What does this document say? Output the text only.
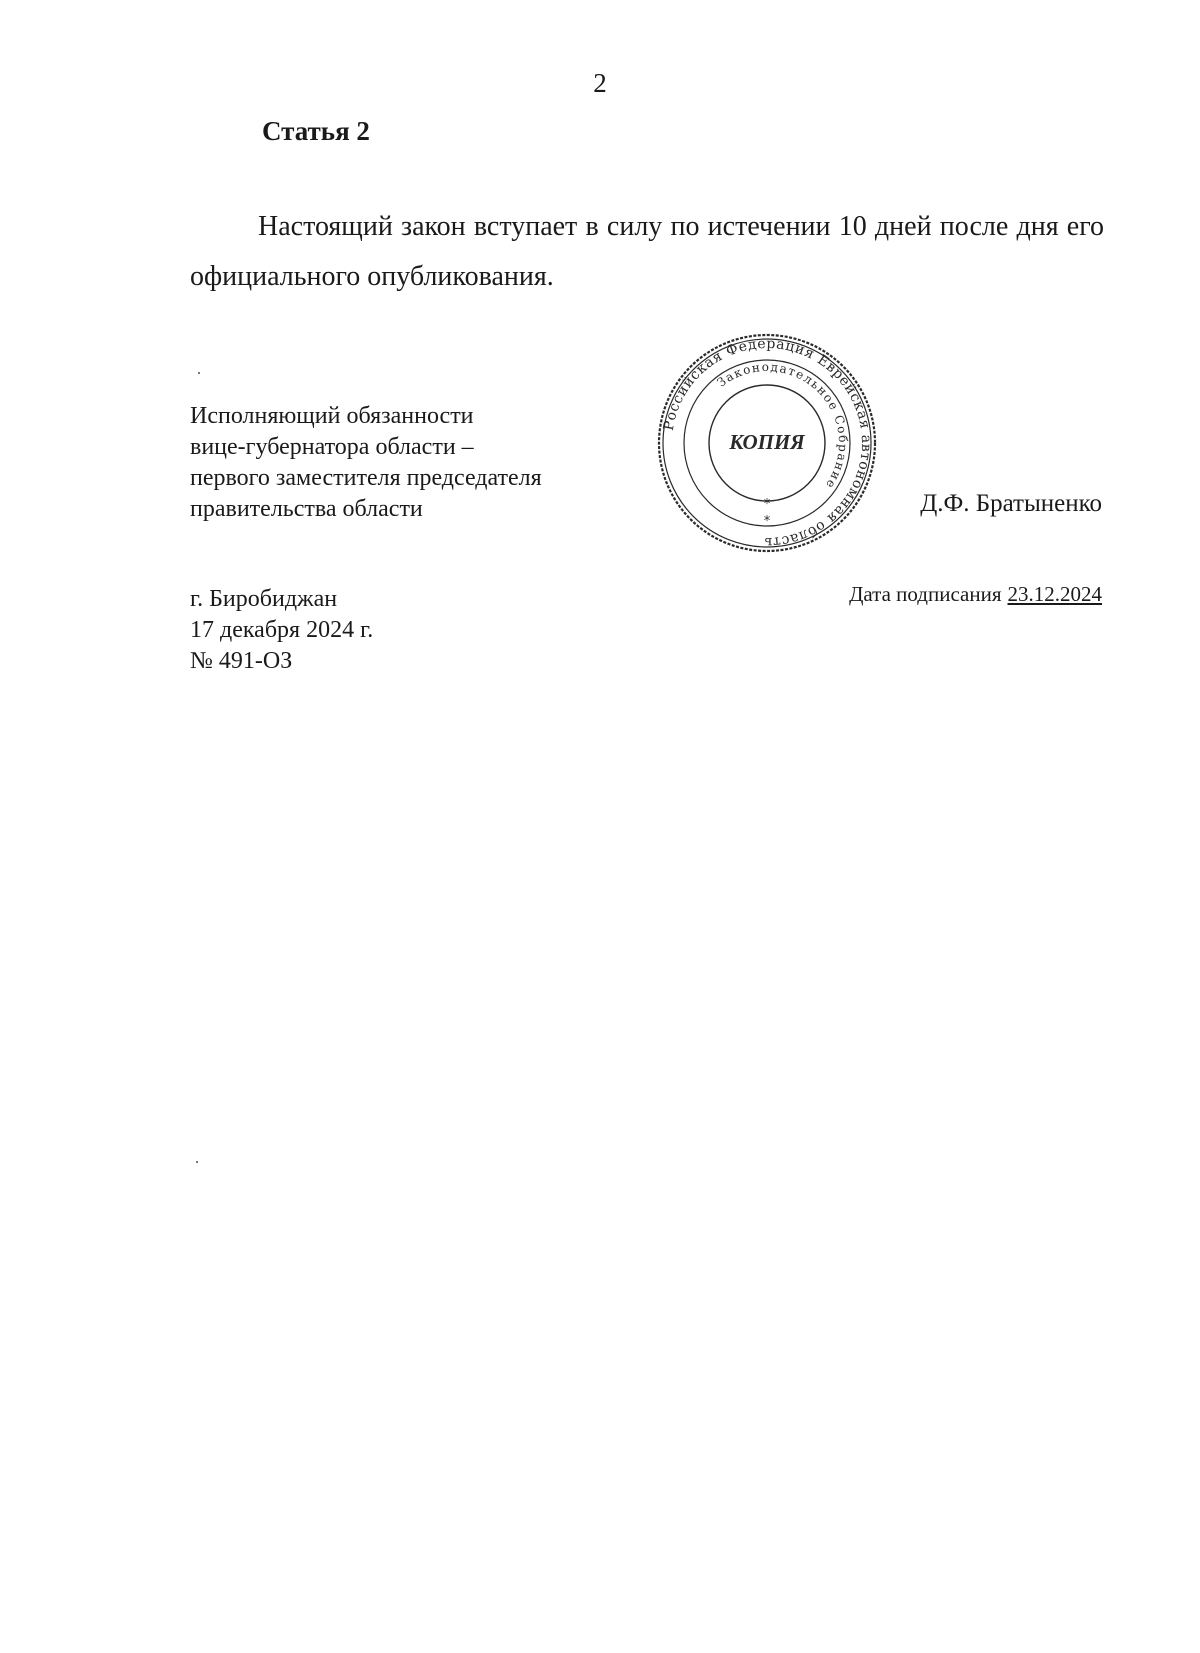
2
Статья 2
Настоящий закон вступает в силу по истечении 10 дней после дня его официального опубликования.
Исполняющий обязанности
вице-губернатора области –
первого заместителя председателя
правительства области
Российская Федерация Еврейская автономная область
Законодательное Собрание
КОПИЯ
*
*
Д.Ф. Братыненко
г. Биробиджан
17 декабря 2024 г.
№ 491-ОЗ
Дата подписания 23.12.2024
